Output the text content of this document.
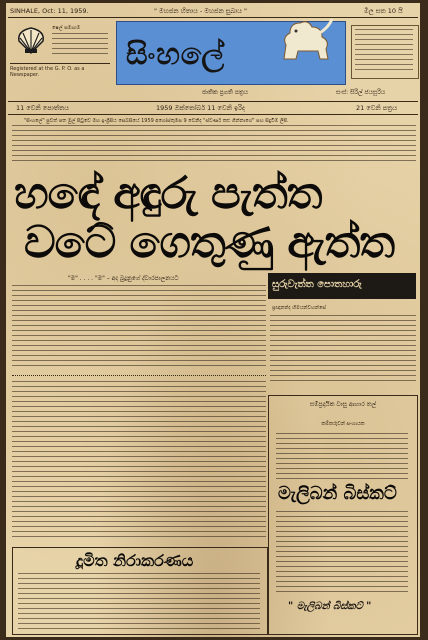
SINHALE, Oct: 11, 1959.	" මහජන හිතාය - මහජන සුඛාය "	මිල සත 10 යි
ෂෙල් සමාගම
Registered at the G. P. O. as a Newspaper.
සිංහලේ
ජාතික ප්‍රගති පත්‍රය	සංස්: සිරිල් ජයසූරිය
11 වෙනි පොත්තය	1959 ඔක්තෝබර් 11 වෙනි ඉරිද	21 වෙනි පත්‍රය
"සිංහලේ" පුවත් පත මුල් පිටුවේ මහ ඉංග්‍රීසිය සෙබ්සියේ 1959 අගෝස්තුමස 9 වෙනිද "ස්වර්ණ කළු ගින්නාගේ" සහ සිදුවීම් ලිපි.
හඳේ අඳුරු පැත්ත
වටේ ගෙතුණු ඇත්ත
"ම" . . . . "ම" – අද බුදුනුගේ ද්වාරපාලනයට
සුරුවැත්ත පොතහාරු
ප්‍රඥානන්ද හිමයන්වහන්සේ
සම්ප්‍රදායික වාසු ආහාර තල්
කම්කරුවන් සංහායක
මැලිබන් බිස්කට්
" මැලිබන් බිස්කට් "
දූමිත නිරාකරණය
